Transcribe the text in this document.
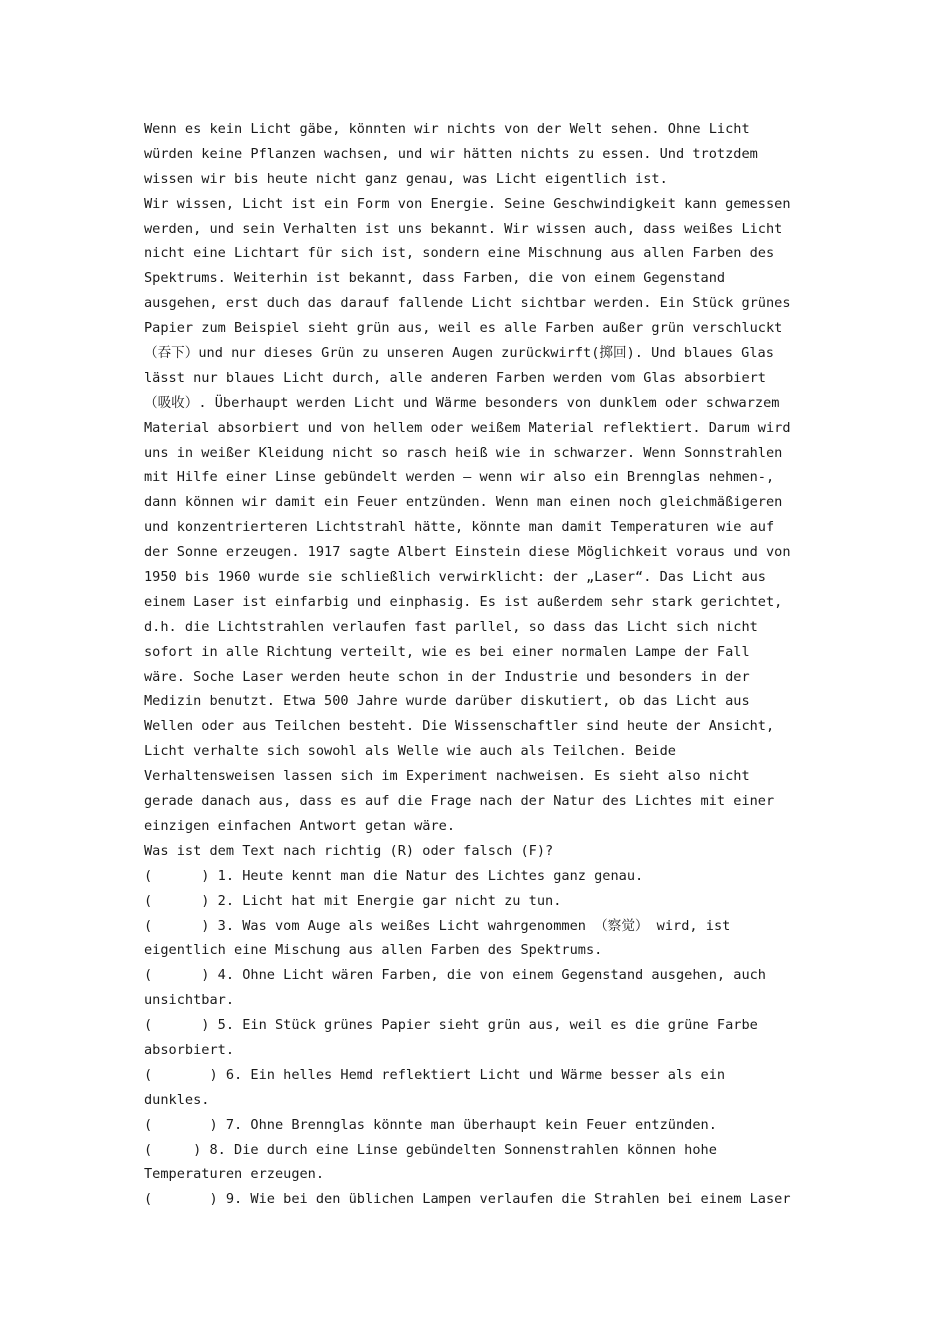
Wenn es kein Licht gäbe, könnten wir nichts von der Welt sehen. Ohne Licht
würden keine Pflanzen wachsen, und wir hätten nichts zu essen. Und trotzdem
wissen wir bis heute nicht ganz genau, was Licht eigentlich ist.
Wir wissen, Licht ist ein Form von Energie. Seine Geschwindigkeit kann gemessen
werden, und sein Verhalten ist uns bekannt. Wir wissen auch, dass weißes Licht
nicht eine Lichtart für sich ist, sondern eine Mischnung aus allen Farben des
Spektrums. Weiterhin ist bekannt, dass Farben, die von einem Gegenstand
ausgehen, erst duch das darauf fallende Licht sichtbar werden. Ein Stück grünes
Papier zum Beispiel sieht grün aus, weil es alle Farben außer grün verschluckt
（吞下）und nur dieses Grün zu unseren Augen zurückwirft(掷回). Und blaues Glas
lässt nur blaues Licht durch, alle anderen Farben werden vom Glas absorbiert
（吸收）. Überhaupt werden Licht und Wärme besonders von dunklem oder schwarzem
Material absorbiert und von hellem oder weißem Material reflektiert. Darum wird
uns in weißer Kleidung nicht so rasch heiß wie in schwarzer. Wenn Sonnstrahlen
mit Hilfe einer Linse gebündelt werden – wenn wir also ein Brennglas nehmen-,
dann können wir damit ein Feuer entzünden. Wenn man einen noch gleichmäßigeren
und konzentrierteren Lichtstrahl hätte, könnte man damit Temperaturen wie auf
der Sonne erzeugen. 1917 sagte Albert Einstein diese Möglichkeit voraus und von
1950 bis 1960 wurde sie schließlich verwirklicht: der „Laser“. Das Licht aus
einem Laser ist einfarbig und einphasig. Es ist außerdem sehr stark gerichtet,
d.h. die Lichtstrahlen verlaufen fast parllel, so dass das Licht sich nicht
sofort in alle Richtung verteilt, wie es bei einer normalen Lampe der Fall
wäre. Soche Laser werden heute schon in der Industrie und besonders in der
Medizin benutzt. Etwa 500 Jahre wurde darüber diskutiert, ob das Licht aus
Wellen oder aus Teilchen besteht. Die Wissenschaftler sind heute der Ansicht,
Licht verhalte sich sowohl als Welle wie auch als Teilchen. Beide
Verhaltensweisen lassen sich im Experiment nachweisen. Es sieht also nicht
gerade danach aus, dass es auf die Frage nach der Natur des Lichtes mit einer
einzigen einfachen Antwort getan wäre.
Was ist dem Text nach richtig (R) oder falsch (F)?
(      ) 1. Heute kennt man die Natur des Lichtes ganz genau.
(      ) 2. Licht hat mit Energie gar nicht zu tun.
(      ) 3. Was vom Auge als weißes Licht wahrgenommen （察觉） wird, ist
eigentlich eine Mischung aus allen Farben des Spektrums.
(      ) 4. Ohne Licht wären Farben, die von einem Gegenstand ausgehen, auch
unsichtbar.
(      ) 5. Ein Stück grünes Papier sieht grün aus, weil es die grüne Farbe
absorbiert.
(       ) 6. Ein helles Hemd reflektiert Licht und Wärme besser als ein
dunkles.
(       ) 7. Ohne Brennglas könnte man überhaupt kein Feuer entzünden.
(     ) 8. Die durch eine Linse gebündelten Sonnenstrahlen können hohe
Temperaturen erzeugen.
(       ) 9. Wie bei den üblichen Lampen verlaufen die Strahlen bei einem Laser
